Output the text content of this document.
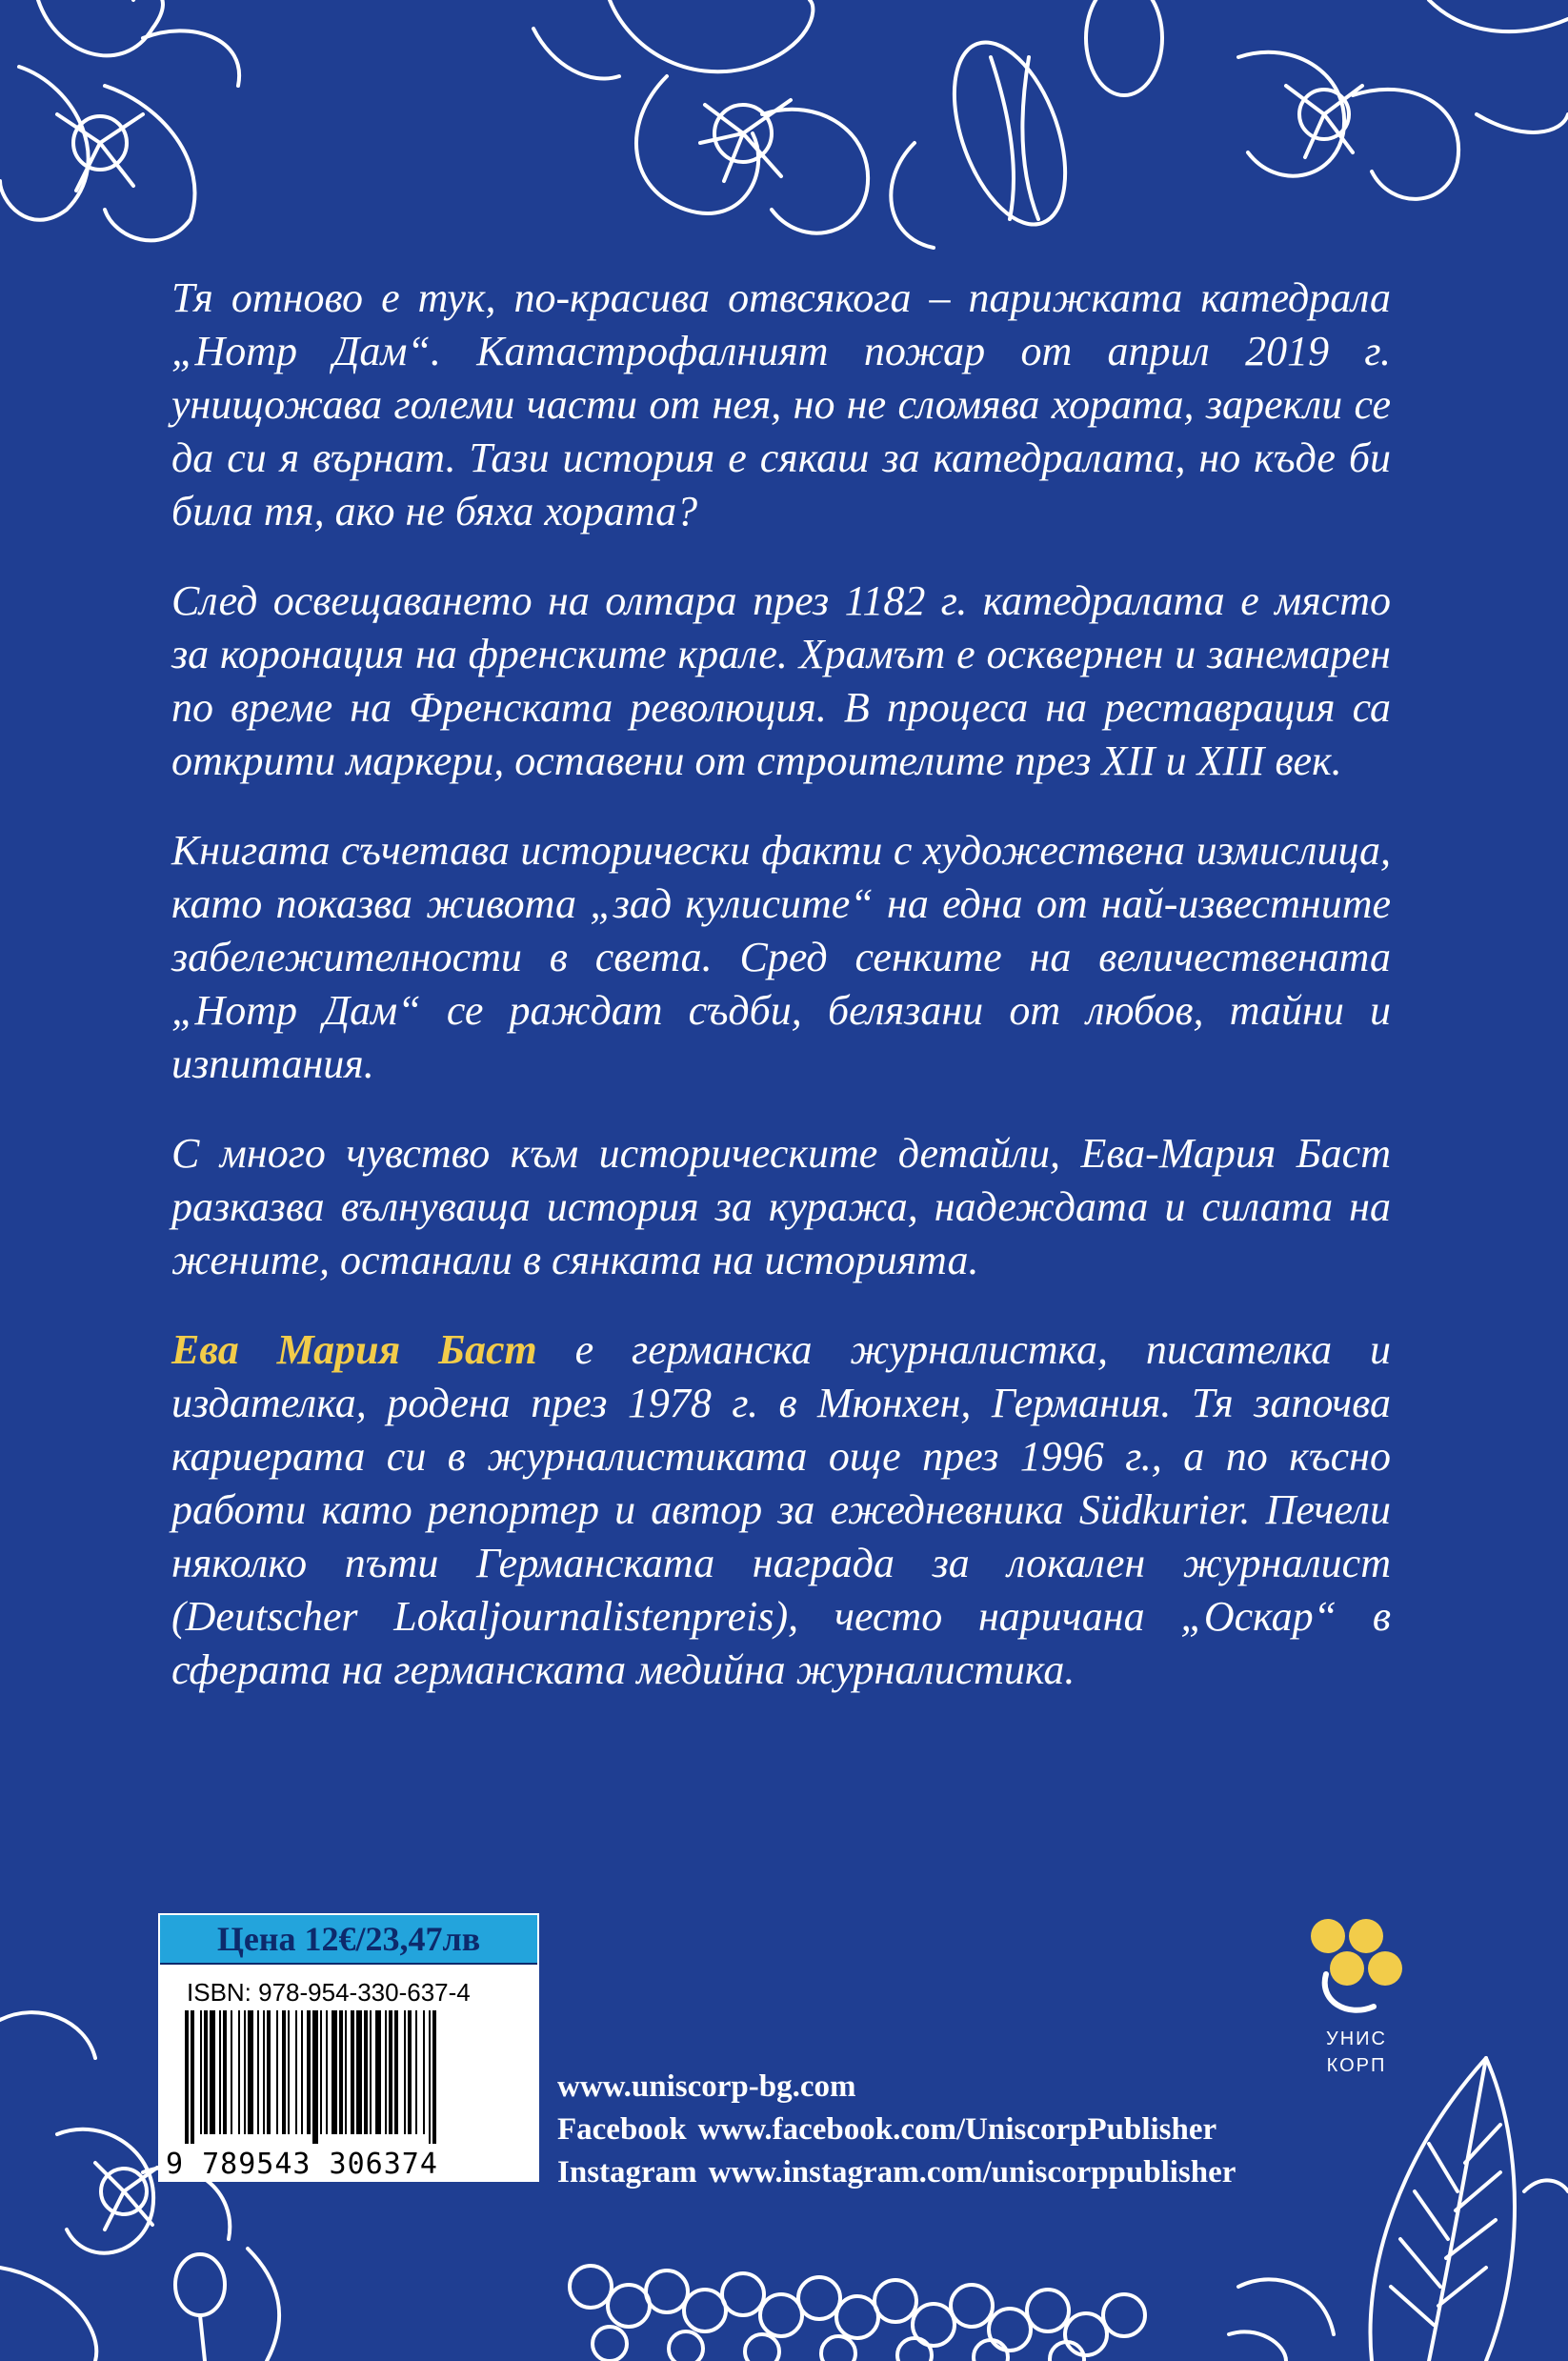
Тя отново е тук, по-красива отвсякога – парижката катедрала „Нотр Дам“. Катастрофалният пожар от април 2019 г. унищожава големи части от нея, но не сломява хората, зарекли се да си я върнат. Тази история е сякаш за катедралата, но къде би била тя, ако не бяха хората?

След освещаването на олтара през 1182 г. катедралата е място за коронация на френските крале. Храмът е осквернен и занемарен по време на Френската революция. В процеса на реставрация са открити маркери, оставени от строителите през XII и XIII век.

Книгата съчетава исторически факти с художествена измислица, като показва живота „зад кулисите“ на една от най-известните забележителности в света. Сред сенките на величествената „Нотр Дам“ се раждат съдби, белязани от любов, тайни и изпитания.

С много чувство към историческите детайли, Ева-Мария Баст разказва вълнуваща история за куража, надеждата и силата на жените, останали в сянката на историята.

Ева Мария Баст е германска журналистка, писателка и издателка, родена през 1978 г. в Мюнхен, Германия. Тя започва кариерата си в журналистиката още през 1996 г., а по късно работи като репортер и автор за ежедневника Südkurier. Печели няколко пъти Германската награда за локален журналист (Deutscher Lokaljournalistenpreis), често наричана „Оскар“ в сферата на германската медийна журналистика.

Цена 12€/23,47лв
ISBN: 978-954-330-637-4
9 789543 306374
УНИС
КОРП
www.uniscorp-bg.com
Facebook www.facebook.com/UniscorpPublisher
Instagram www.instagram.com/uniscorppublisher
